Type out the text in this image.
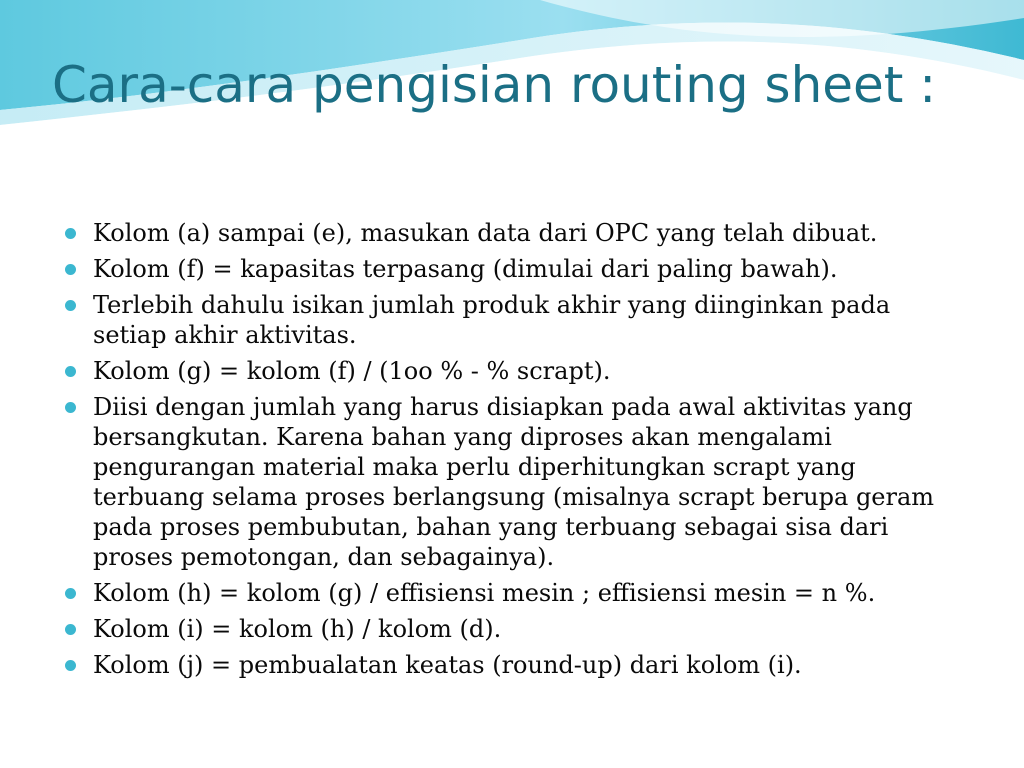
Cara-cara pengisian routing sheet :
Kolom (a) sampai (e), masukan data dari OPC yang telah dibuat.
Kolom (f) = kapasitas terpasang (dimulai dari paling bawah).
Terlebih dahulu isikan jumlah produk akhir yang diinginkan pada setiap akhir aktivitas.
Kolom (g) = kolom (f) / (1oo % - % scrapt).
Diisi dengan jumlah yang harus disiapkan pada awal aktivitas yang bersangkutan. Karena bahan yang diproses akan mengalami pengurangan material maka perlu diperhitungkan scrapt yang terbuang selama proses berlangsung (misalnya scrapt berupa geram pada proses pembubutan, bahan yang terbuang sebagai sisa dari proses pemotongan, dan sebagainya).
Kolom (h) = kolom (g) / effisiensi mesin ; effisiensi mesin = n %.
Kolom (i) = kolom (h) / kolom (d).
Kolom (j) = pembualatan keatas (round-up) dari kolom (i).
